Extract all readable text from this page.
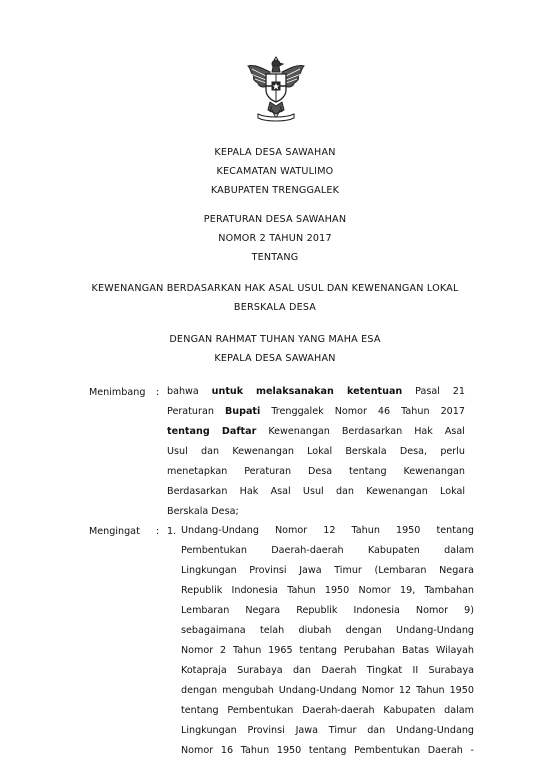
KEPALA DESA SAWAHAN
KECAMATAN WATULIMO
KABUPATEN TRENGGALEK
PERATURAN DESA SAWAHAN
NOMOR 2 TAHUN 2017
TENTANG
KEWENANGAN BERDASARKAN HAK ASAL USUL DAN KEWENANGAN LOKAL
BERSKALA DESA
DENGAN RAHMAT TUHAN YANG MAHA ESA
KEPALA DESA SAWAHAN
Menimbang : bahwa untuk melaksanakan ketentuan Pasal 21
Peraturan Bupati Trenggalek Nomor 46 Tahun 2017
tentang Daftar Kewenangan Berdasarkan Hak Asal
Usul dan Kewenangan Lokal Berskala Desa, perlu
menetapkan Peraturan Desa tentang Kewenangan
Berdasarkan Hak Asal Usul dan Kewenangan Lokal
Berskala Desa;
Mengingat : 1. Undang-Undang Nomor 12 Tahun 1950 tentang
Pembentukan Daerah-daerah Kabupaten dalam
Lingkungan Provinsi Jawa Timur (Lembaran Negara
Republik Indonesia Tahun 1950 Nomor 19, Tambahan
Lembaran Negara Republik Indonesia Nomor 9)
sebagaimana telah diubah dengan Undang-Undang
Nomor 2 Tahun 1965 tentang Perubahan Batas Wilayah
Kotapraja Surabaya dan Daerah Tingkat II Surabaya
dengan mengubah Undang-Undang Nomor 12 Tahun 1950
tentang Pembentukan Daerah-daerah Kabupaten dalam
Lingkungan Provinsi Jawa Timur dan Undang-Undang
Nomor 16 Tahun 1950 tentang Pembentukan Daerah -
